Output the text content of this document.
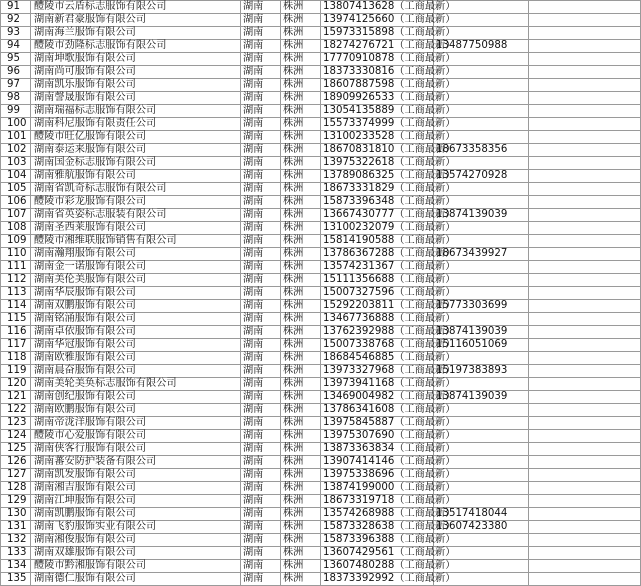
91	醴陵市云盾标志服饰有限公司	湖南	株洲	13807413628（工商最新）		
92	湖南新君豪服饰有限公司	湖南	株洲	13974125660（工商最新）		
93	湖南海兰服饰有限公司	湖南	株洲	15973315898（工商最新）		
94	醴陵市劲隆标志服饰有限公司	湖南	株洲	18274276721（工商最新）	13487750988	
95	湖南坤歌服饰有限公司	湖南	株洲	17770910878（工商最新）		
96	湖南尚可服饰有限公司	湖南	株洲	18373330816（工商最新）		
97	湖南凯乐服饰有限公司	湖南	株洲	18607887598（工商最新）		
98	湖南謦晟服饰有限公司	湖南	株洲	18909926533（工商最新）		
99	湖南瑞福标志服饰有限公司	湖南	株洲	13054135889（工商最新）		
100	湖南科尼服饰有限责任公司	湖南	株洲	15573374999（工商最新）		
101	醴陵市旺亿服饰有限公司	湖南	株洲	13100233528（工商最新）		
102	湖南泰运来服饰有限公司	湖南	株洲	18670831810（工商最新）	18673358356	
103	湖南国金标志服饰有限公司	湖南	株洲	13975322618（工商最新）		
104	湖南雅航服饰有限公司	湖南	株洲	13789086325（工商最新）	13574270928	
105	湖南省凯奇标志服饰有限公司	湖南	株洲	18673331829（工商最新）		
106	醴陵市彩龙服饰有限公司	湖南	株洲	15873396348（工商最新）		
107	湖南省英姿标志服装有限公司	湖南	株洲	13667430777（工商最新）	13874139039	
108	湖南圣西莱服饰有限公司	湖南	株洲	13100232079（工商最新）		
109	醴陵市湘维联服饰销售有限公司	湖南	株洲	15814190588（工商最新）		
110	湖南瀚翔服饰有限公司	湖南	株洲	13786367288（工商最新）	18673439927	
111	湖南金一诺服饰有限公司	湖南	株洲	13574231367（工商最新）		
112	湖南美伦美服饰有限公司	湖南	株洲	15111356688（工商最新）		
113	湖南华辰服饰有限公司	湖南	株洲	15007327596（工商最新）		
114	湖南双鹏服饰有限公司	湖南	株洲	15292203811（工商最新）	15773303699	
115	湖南铭涌服饰有限公司	湖南	株洲	13467736888（工商最新）		
116	湖南卓依服饰有限公司	湖南	株洲	13762392988（工商最新）	13874139039	
117	湖南华冠服饰有限公司	湖南	株洲	15007338768（工商最新）	15116051069	
118	湖南欧雅服饰有限公司	湖南	株洲	18684546885（工商最新）		
119	湖南晨奋服饰有限公司	湖南	株洲	13973327968（工商最新）	15197383893	
120	湖南美轮美奂标志服饰有限公司	湖南	株洲	13973941168（工商最新）		
121	湖南创纪服饰有限公司	湖南	株洲	13469004982（工商最新）	13874139039	
122	湖南欧鹏服饰有限公司	湖南	株洲	13786341608（工商最新）		
123	湖南帝泷洋服饰有限公司	湖南	株洲	13975845887（工商最新）		
124	醴陵市心爱服饰有限公司	湖南	株洲	13975307690（工商最新）		
125	湖南侠客行服饰有限公司	湖南	株洲	13873363834（工商最新）		
126	湖南蕃安防护装备有限公司	湖南	株洲	13907414146（工商最新）		
127	湖南凯发服饰有限公司	湖南	株洲	13975338696（工商最新）		
128	湖南湘吉服饰有限公司	湖南	株洲	13874199000（工商最新）		
129	湖南江坤服饰有限公司	湖南	株洲	18673319718（工商最新）		
130	湖南凯鹏服饰有限公司	湖南	株洲	13574268988（工商最新）	13517418044	
131	湖南飞豹服饰实业有限公司	湖南	株洲	15873328638（工商最新）	13607423380	
132	湖南湘俊服饰有限公司	湖南	株洲	15873396388（工商最新）		
133	湖南双雄服饰有限公司	湖南	株洲	13607429561（工商最新）		
134	醴陵市黔湘服饰有限公司	湖南	株洲	13607480288（工商最新）		
135	湖南德仁服饰有限公司	湖南	株洲	18373392992（工商最新）		
